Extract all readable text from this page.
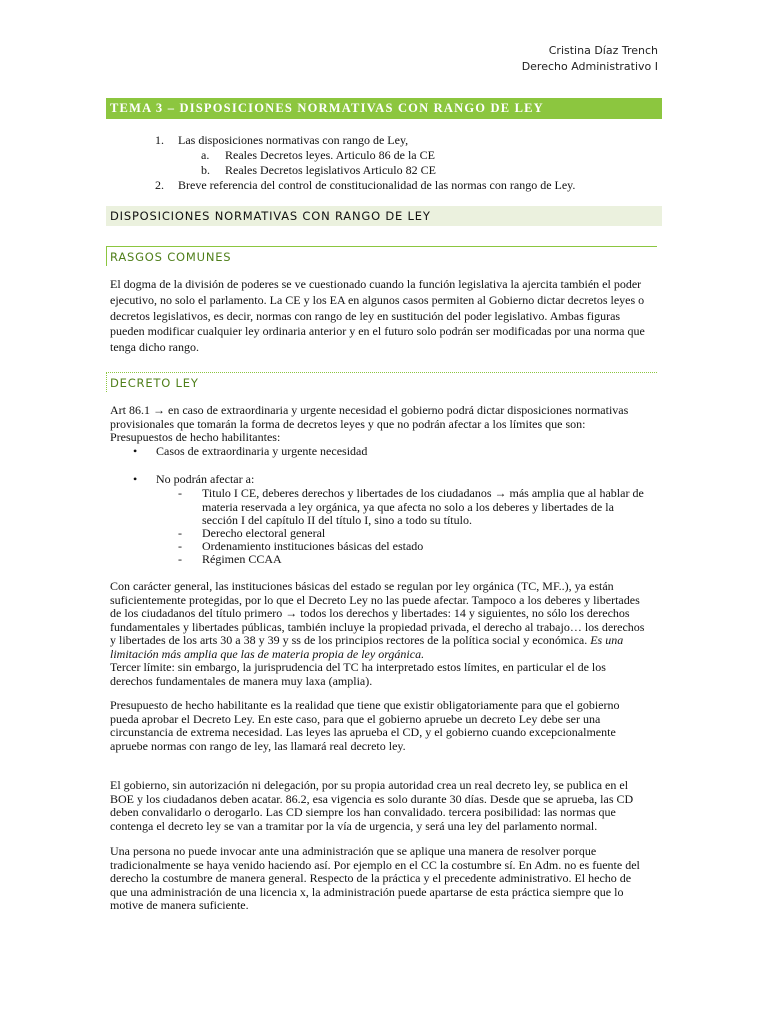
Cristina Díaz Trench
Derecho Administrativo I
TEMA 3 – DISPOSICIONES NORMATIVAS CON RANGO DE LEY
1. Las disposiciones normativas con rango de Ley,
a. Reales Decretos leyes. Articulo 86 de la CE
b. Reales Decretos legislativos Articulo 82 CE
2. Breve referencia del control de constitucionalidad de las normas con rango de Ley.
DISPOSICIONES NORMATIVAS CON RANGO DE LEY
RASGOS COMUNES
El dogma de la división de poderes se ve cuestionado cuando la función legislativa la ajercita también el poder
ejecutivo, no solo el parlamento. La CE y los EA en algunos casos permiten al Gobierno dictar decretos leyes o
decretos legislativos, es decir, normas con rango de ley en sustitución del poder legislativo. Ambas figuras
pueden modificar cualquier ley ordinaria anterior y en el futuro solo podrán ser modificadas por una norma que
tenga dicho rango.
DECRETO LEY
Art 86.1 → en caso de extraordinaria y urgente necesidad el gobierno podrá dictar disposiciones normativas
provisionales que tomarán la forma de decretos leyes y que no podrán afectar a los límites que son:
Presupuestos de hecho habilitantes:
• Casos de extraordinaria y urgente necesidad
• No podrán afectar a:
- Titulo I CE, deberes derechos y libertades de los ciudadanos → más amplia que al hablar de
materia reservada a ley orgánica, ya que afecta no solo a los deberes y libertades de la
sección I del capítulo II del título I, sino a todo su título.
- Derecho electoral general
- Ordenamiento instituciones básicas del estado
- Régimen CCAA
Con carácter general, las instituciones básicas del estado se regulan por ley orgánica (TC, MF..), ya están
suficientemente protegidas, por lo que el Decreto Ley no las puede afectar. Tampoco a los deberes y libertades
de los ciudadanos del título primero → todos los derechos y libertades: 14 y siguientes, no sólo los derechos
fundamentales y libertades públicas, también incluye la propiedad privada, el derecho al trabajo… los derechos
y libertades de los arts 30 a 38 y 39 y ss de los principios rectores de la política social y económica. Es una
limitación más amplia que las de materia propia de ley orgánica.
Tercer límite: sin embargo, la jurisprudencia del TC ha interpretado estos límites, en particular el de los
derechos fundamentales de manera muy laxa (amplia).
Presupuesto de hecho habilitante es la realidad que tiene que existir obligatoriamente para que el gobierno
pueda aprobar el Decreto Ley. En este caso, para que el gobierno apruebe un decreto Ley debe ser una
circunstancia de extrema necesidad. Las leyes las aprueba el CD, y el gobierno cuando excepcionalmente
apruebe normas con rango de ley, las llamará real decreto ley.
El gobierno, sin autorización ni delegación, por su propia autoridad crea un real decreto ley, se publica en el
BOE y los ciudadanos deben acatar. 86.2, esa vigencia es solo durante 30 días. Desde que se aprueba, las CD
deben convalidarlo o derogarlo. Las CD siempre los han convalidado. tercera posibilidad: las normas que
contenga el decreto ley se van a tramitar por la vía de urgencia, y será una ley del parlamento normal.
Una persona no puede invocar ante una administración que se aplique una manera de resolver porque
tradicionalmente se haya venido haciendo así. Por ejemplo en el CC la costumbre sí. En Adm. no es fuente del
derecho la costumbre de manera general. Respecto de la práctica y el precedente administrativo. El hecho de
que una administración de una licencia x, la administración puede apartarse de esta práctica siempre que lo
motive de manera suficiente.
